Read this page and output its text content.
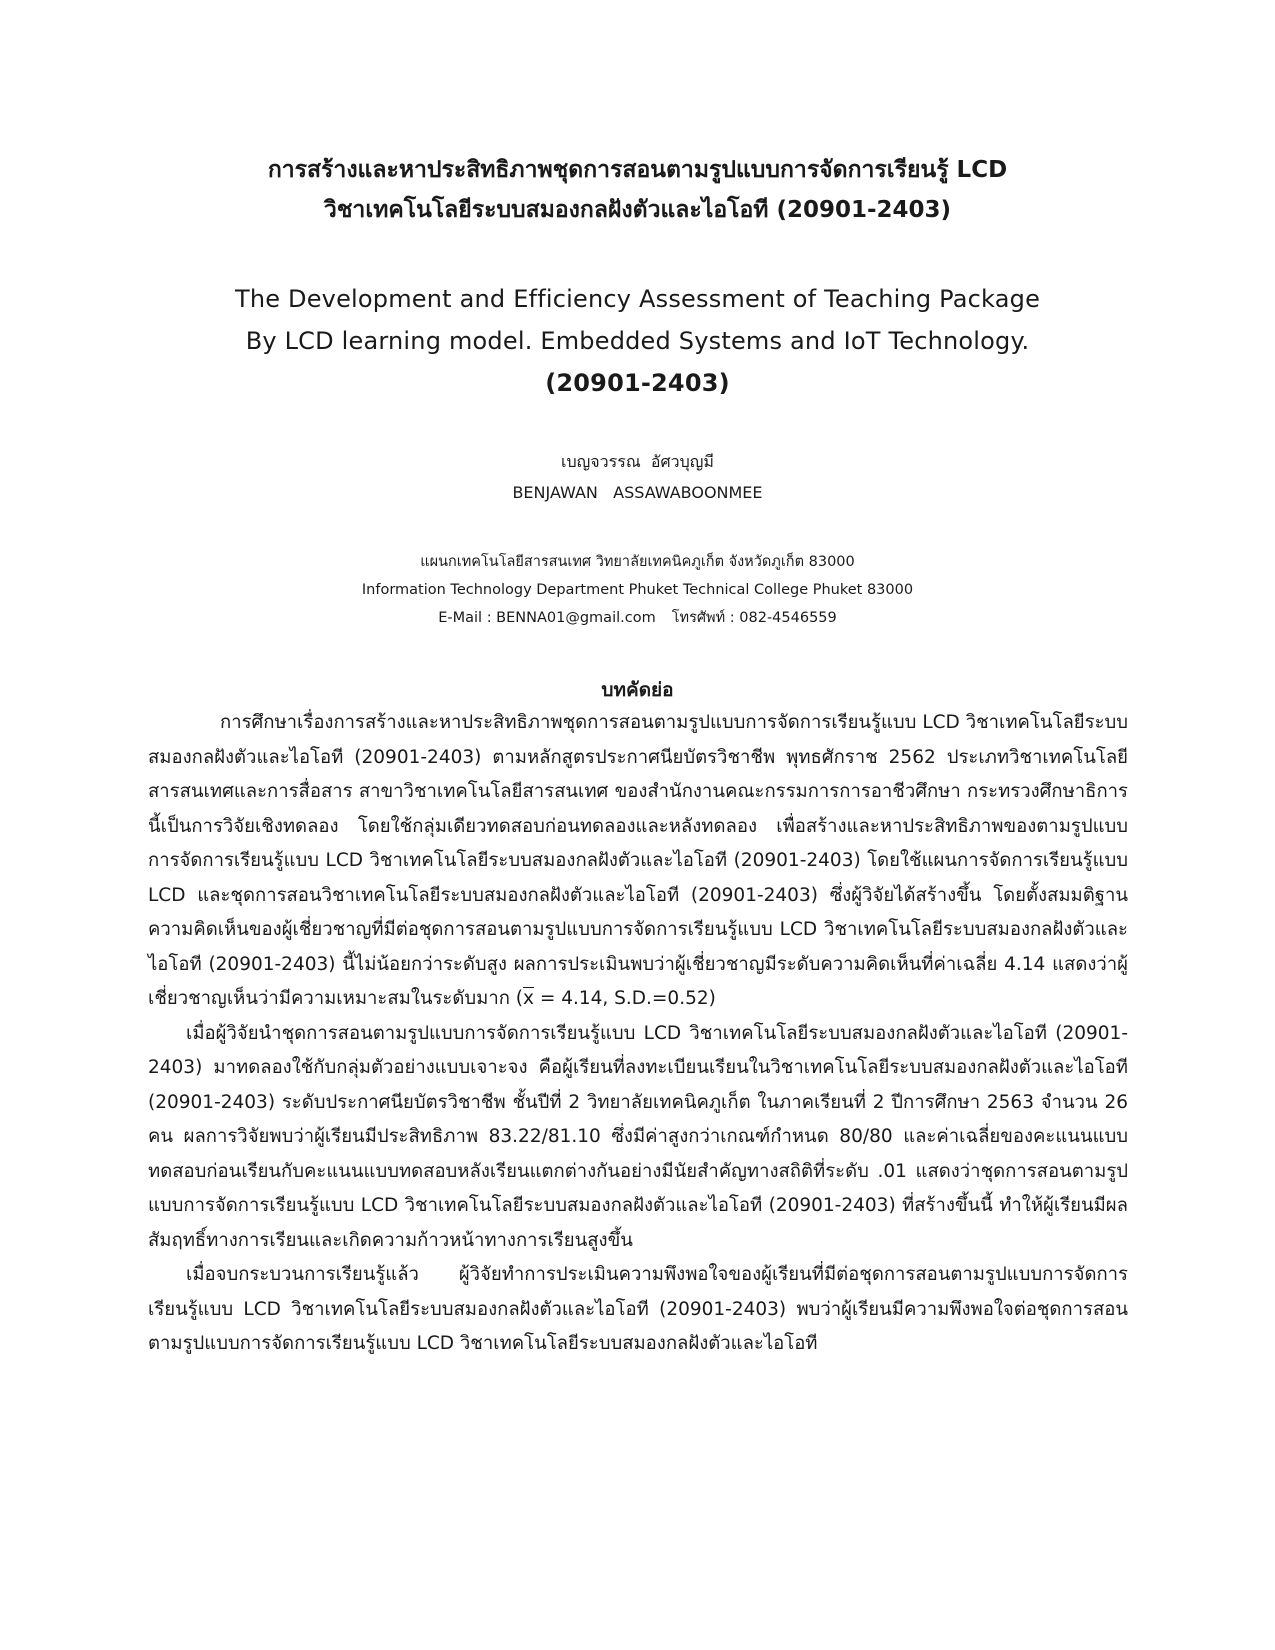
การสร้างและหาประสิทธิภาพชุดการสอนตามรูปแบบการจัดการเรียนรู้ LCD
วิชาเทคโนโลยีระบบสมองกลฝังตัวและไอโอที (20901-2403)
The Development and Efficiency Assessment of Teaching Package
By LCD learning model. Embedded Systems and IoT Technology.
(20901-2403)
เบญจวรรณ  อัศวบุญมี
BENJAWAN   ASSAWABOONMEE
แผนกเทคโนโลยีสารสนเทศ วิทยาลัยเทคนิคภูเก็ต จังหวัดภูเก็ต 83000
Information Technology Department Phuket Technical College Phuket 83000
E-Mail : BENNA01@gmail.com โทรศัพท์ : 082-4546559
บทคัดย่อ

การศึกษาเรื่องการสร้างและหาประสิทธิภาพชุดการสอนตามรูปแบบการจัดการเรียนรู้แบบ LCD วิชาเทคโนโลยีระบบสมองกลฝังตัวและไอโอที (20901-2403) ตามหลักสูตรประกาศนียบัตรวิชาชีพ พุทธศักราช 2562 ประเภทวิชาเทคโนโลยีสารสนเทศและการสื่อสาร สาขาวิชาเทคโนโลยีสารสนเทศ ของสำนักงานคณะกรรมการการอาชีวศึกษา กระทรวงศึกษาธิการนี้เป็นการวิจัยเชิงทดลอง โดยใช้กลุ่มเดียวทดสอบก่อนทดลองและหลังทดลอง เพื่อสร้างและหาประสิทธิภาพของตามรูปแบบการจัดการเรียนรู้แบบ LCD วิชาเทคโนโลยีระบบสมองกลฝังตัวและไอโอที (20901-2403) โดยใช้แผนการจัดการเรียนรู้แบบ LCD และชุดการสอนวิชาเทคโนโลยีระบบสมองกลฝังตัวและไอโอที (20901-2403) ซึ่งผู้วิจัยได้สร้างขึ้น โดยตั้งสมมติฐานความคิดเห็นของผู้เชี่ยวชาญที่มีต่อชุดการสอนตามรูปแบบการจัดการเรียนรู้แบบ LCD วิชาเทคโนโลยีระบบสมองกลฝังตัวและไอโอที (20901-2403) นี้ไม่น้อยกว่าระดับสูง ผลการประเมินพบว่าผู้เชี่ยวชาญมีระดับความคิดเห็นที่ค่าเฉลี่ย 4.14 แสดงว่าผู้เชี่ยวชาญเห็นว่ามีความเหมาะสมในระดับมาก ($\overline{x} = 4.14$, S.D.=0.52)

เมื่อผู้วิจัยนำชุดการสอนตามรูปแบบการจัดการเรียนรู้แบบ LCD วิชาเทคโนโลยีระบบสมองกลฝังตัวและไอโอที (20901-2403) มาทดลองใช้กับกลุ่มตัวอย่างแบบเจาะจง คือผู้เรียนที่ลงทะเบียนเรียนในวิชาเทคโนโลยีระบบสมองกลฝังตัวและไอโอที (20901-2403) ระดับประกาศนียบัตรวิชาชีพ ชั้นปีที่ 2 วิทยาลัยเทคนิคภูเก็ต ในภาคเรียนที่ 2 ปีการศึกษา 2563 จำนวน 26 คน ผลการวิจัยพบว่าผู้เรียนมีประสิทธิภาพ 83.22/81.10 ซึ่งมีค่าสูงกว่าเกณฑ์กำหนด 80/80 และค่าเฉลี่ยของคะแนนแบบทดสอบก่อนเรียนกับคะแนนแบบทดสอบหลังเรียนแตกต่างกันอย่างมีนัยสำคัญทางสถิติที่ระดับ .01 แสดงว่าชุดการสอนตามรูปแบบการจัดการเรียนรู้แบบ LCD วิชาเทคโนโลยีระบบสมองกลฝังตัวและไอโอที (20901-2403) ที่สร้างขึ้นนี้ ทำให้ผู้เรียนมีผลสัมฤทธิ์ทางการเรียนและเกิดความก้าวหน้าทางการเรียนสูงขึ้น

เมื่อจบกระบวนการเรียนรู้แล้ว ผู้วิจัยทำการประเมินความพึงพอใจของผู้เรียนที่มีต่อชุดการสอนตามรูปแบบการจัดการเรียนรู้แบบ LCD วิชาเทคโนโลยีระบบสมองกลฝังตัวและไอโอที (20901-2403) พบว่าผู้เรียนมีความพึงพอใจต่อชุดการสอนตามรูปแบบการจัดการเรียนรู้แบบ LCD วิชาเทคโนโลยีระบบสมองกลฝังตัวและไอโอที
